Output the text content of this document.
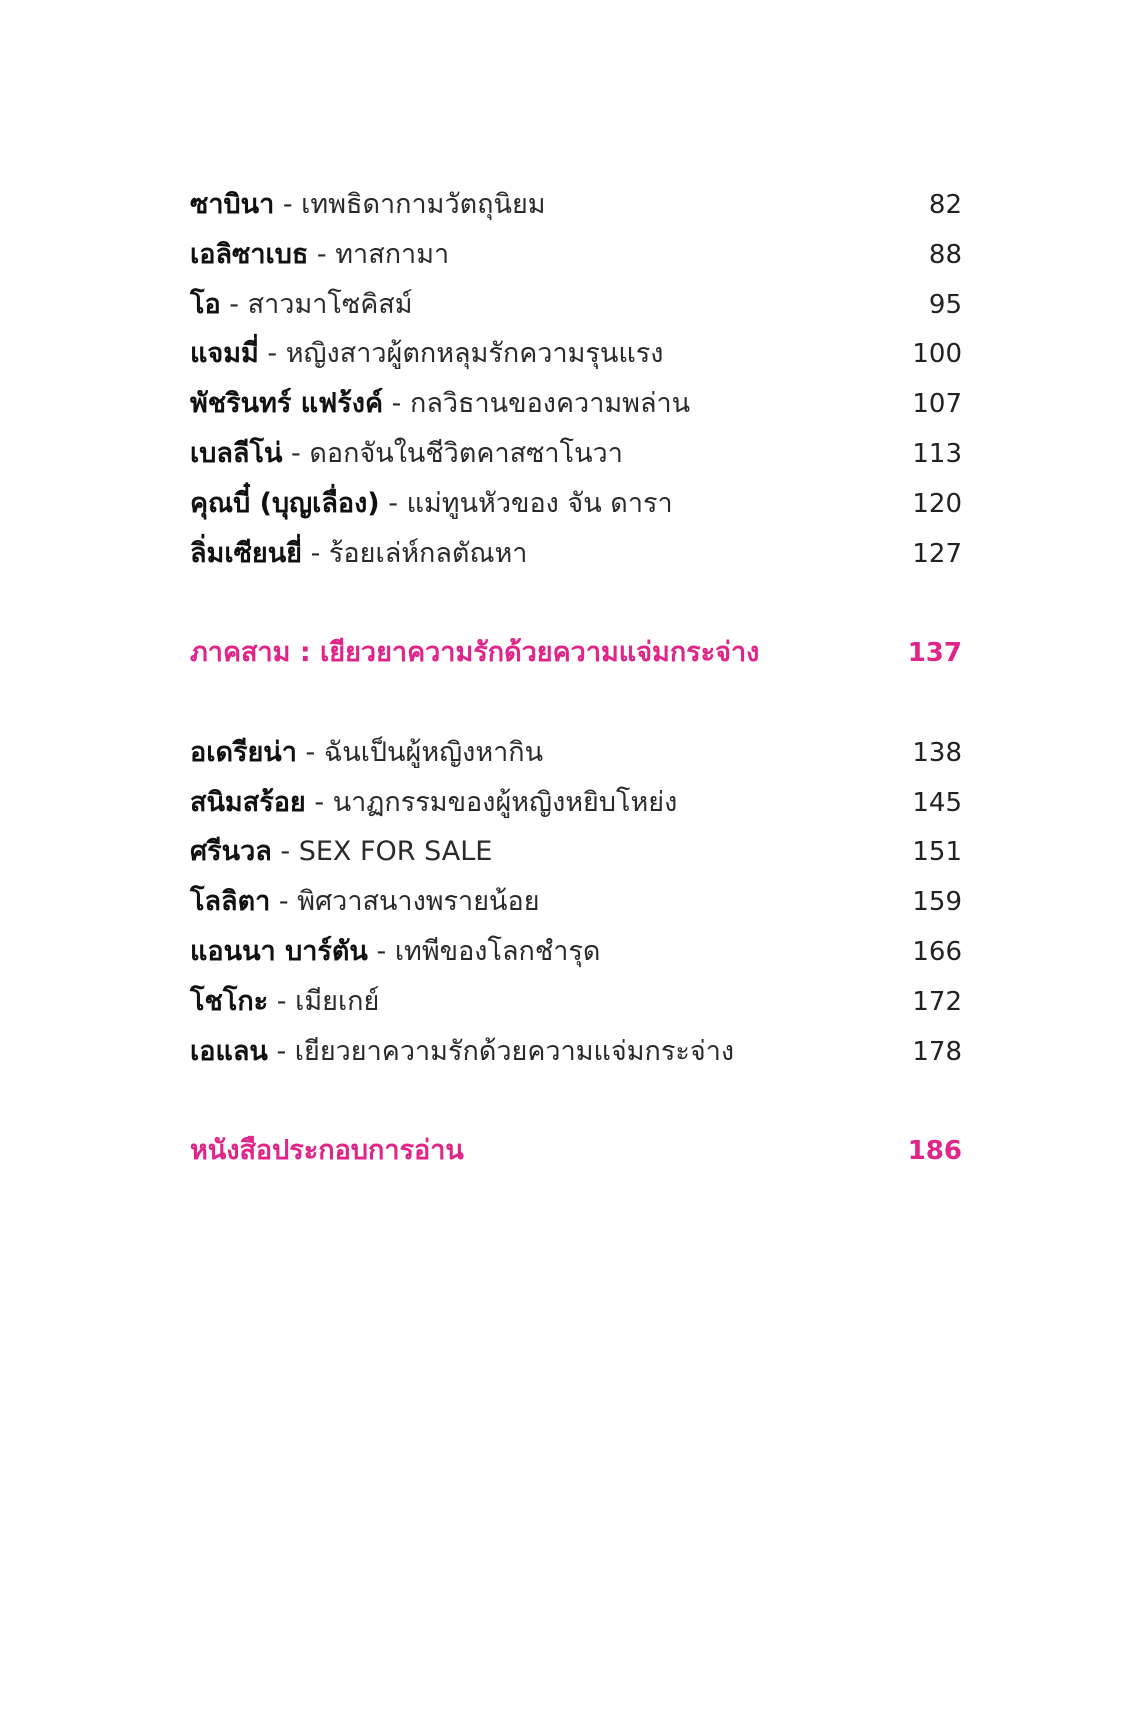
ซาบินา - เทพธิดากามวัตถุนิยม	82
เอลิซาเบธ - ทาสกามา	88
โอ - สาวมาโซคิสม์	95
แจมมี่ - หญิงสาวผู้ตกหลุมรักความรุนแรง	100
พัชรินทร์ แฟร้งค์ - กลวิธานของความพล่าน	107
เบลลีโน่ - ดอกจันในชีวิตคาสซาโนวา	113
คุณบี๋ (บุญเลื่อง) - แม่ทูนหัวของ จัน ดารา	120
ลิ่มเซียนยี่ - ร้อยเล่ห์กลตัณหา	127
ภาคสาม : เยียวยาความรักด้วยความแจ่มกระจ่าง	137
อเดรียน่า - ฉันเป็นผู้หญิงหากิน	138
สนิมสร้อย - นาฏกรรมของผู้หญิงหยิบโหย่ง	145
ศรีนวล - SEX FOR SALE	151
โลลิตา - พิศวาสนางพรายน้อย	159
แอนนา บาร์ตัน - เทพีของโลกชำรุด	166
โชโกะ - เมียเกย์	172
เอแลน - เยียวยาความรักด้วยความแจ่มกระจ่าง	178
หนังสือประกอบการอ่าน	186
